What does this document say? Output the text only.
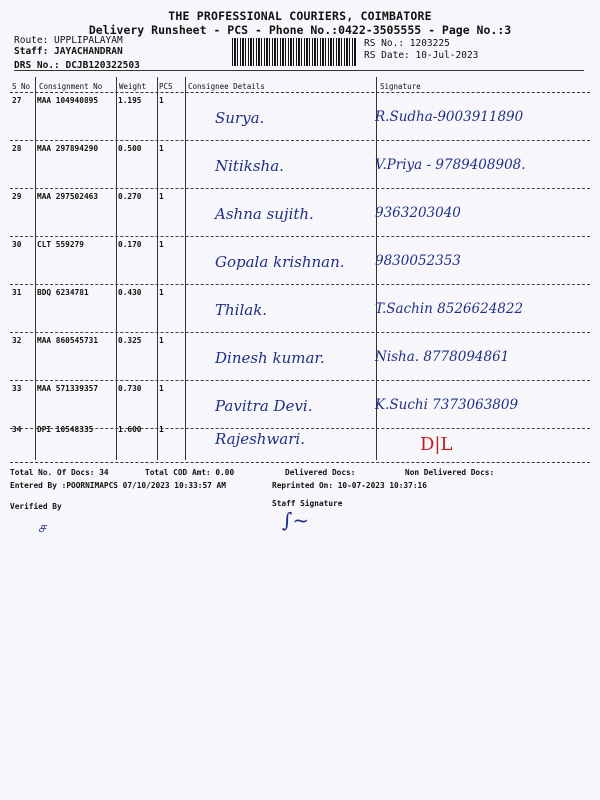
THE PROFESSIONAL COURIERS, COIMBATORE
Delivery Runsheet - PCS - Phone No.:0422-3505555 - Page No.:3
Route: UPPLIPALAYAM
Staff: JAYACHANDRAN
DRS No.: DCJB120322503
RS No.: 1203225
RS Date: 10-Jul-2023
S No Consignment No Weight PCS Consignee Details	Signature
27 MAA 104940895	1.195 1
Surya.	R.Sudha-9003911890
28 MAA 297894290	0.500 1
Nitiksha.	V.Priya - 9789408908.
29 MAA 297502463	0.270 1
Ashna sujith.	9363203040
30 CLT 559279	0.170 1
Gopala krishnan. 9830052353
31 BDQ 6234781	0.430 1
Thilak.	T.Sachin 8526624822
32 MAA 860545731	0.325 1
Dinesh kumar.	Nisha. 8778094861
33 MAA 571339357	0.730 1
Pavitra Devi.	K.Suchi 7373063809
34 DPI 10548335	1.600 1
Rajeshwari.	D|L
Total No. Of Docs: 34	Total COD Amt: 0.00	Delivered Docs:	Non Delivered Docs:
Entered By :POORNIMAPCS 07/10/2023 10:33:57 AM	Reprinted On: 10-07-2023 10:37:16
Verified By	Staff Signature
ச	∫~
